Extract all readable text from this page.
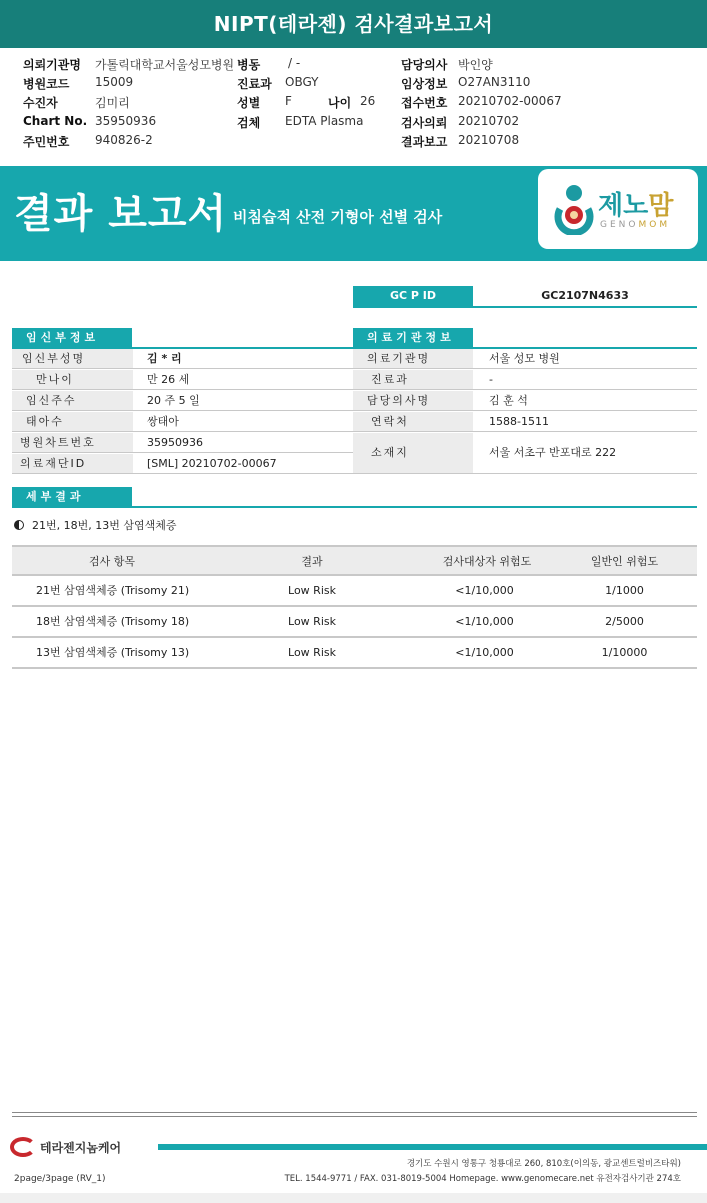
NIPT(테라젠) 검사결과보고서
의뢰기관명 가톨릭대학교서울성모병원 병동 / -	담당의사 박인양
병원코드 15009	진료과 OBGY	임상정보 O27AN3110
수진자	김미리	성별 F	나이 26 접수번호 20210702-00067
Chart No. 35950936	검체 EDTA Plasma	검사의뢰 20210702
주민번호 940826-2	결과보고 20210708
결과 보고서 비침습적 산전 기형아 선별 검사	제노맘
GENOMOM
GC P ID	GC2107N4633
임신부정보
임신부성명	김 * 리
만나이	만 26 세
임신주수	20 주 5 일
태아수	쌍태아
병원차트번호	35950936
의료재단ID	[SML] 20210702-00067
의료기관정보
의료기관명	서울 성모 병원
진료과	-
담당의사명	김 훈 석
연락처	1588-1511
소재지	서울 서초구 반포대로 222
세부결과
21번, 18번, 13번 삼염색체증
검사 항목	결과	검사대상자 위험도	일반인 위험도
21번 삼염색체증 (Trisomy 21)	Low Risk	<1/10,000	1/1000
18번 삼염색체증 (Trisomy 18)	Low Risk	<1/10,000	2/5000
13번 삼염색체증 (Trisomy 13)	Low Risk	<1/10,000	1/10000
테라젠지놈케어
2page/3page (RV_1)
경기도 수원시 영통구 청룡대로 260, 810호(이의동, 광교센트럴비즈타워)
TEL. 1544-9771 / FAX. 031-8019-5004 Homepage. www.genomecare.net 유전자검사기관 274호
